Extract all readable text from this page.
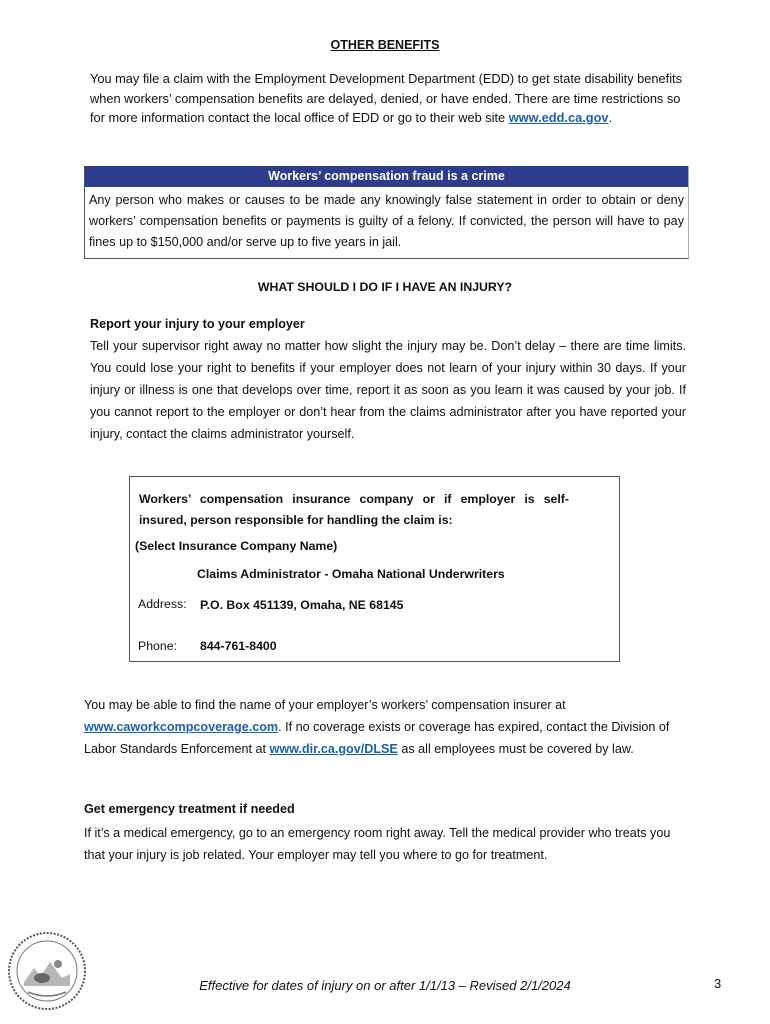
OTHER BENEFITS
You may file a claim with the Employment Development Department (EDD) to get state disability benefits when workers’ compensation benefits are delayed, denied, or have ended. There are time restrictions so for more information contact the local office of EDD or go to their web site www.edd.ca.gov.
Workers’ compensation fraud is a crime
Any person who makes or causes to be made any knowingly false statement in order to obtain or deny workers’ compensation benefits or payments is guilty of a felony. If convicted, the person will have to pay fines up to $150,000 and/or serve up to five years in jail.
WHAT SHOULD I DO IF I HAVE AN INJURY?

Report your injury to your employer

Tell your supervisor right away no matter how slight the injury may be. Don’t delay – there are time limits. You could lose your right to benefits if your employer does not learn of your injury within 30 days. If your injury or illness is one that develops over time, report it as soon as you learn it was caused by your job. If you cannot report to the employer or don’t hear from the claims administrator after you have reported your injury, contact the claims administrator yourself.
Workers’ compensation insurance company or if employer is self-insured, person responsible for handling the claim is:
(Select Insurance Company Name)
Claims Administrator - Omaha National Underwriters
Address: P.O. Box 451139, Omaha, NE 68145
Phone: 844-761-8400
You may be able to find the name of your employer’s workers’ compensation insurer at www.caworkcompcoverage.com. If no coverage exists or coverage has expired, contact the Division of Labor Standards Enforcement at www.dir.ca.gov/DLSE as all employees must be covered by law.

Get emergency treatment if needed

If it’s a medical emergency, go to an emergency room right away. Tell the medical provider who treats you that your injury is job related. Your employer may tell you where to go for treatment.
Effective for dates of injury on or after 1/1/13 – Revised 2/1/2024	3
